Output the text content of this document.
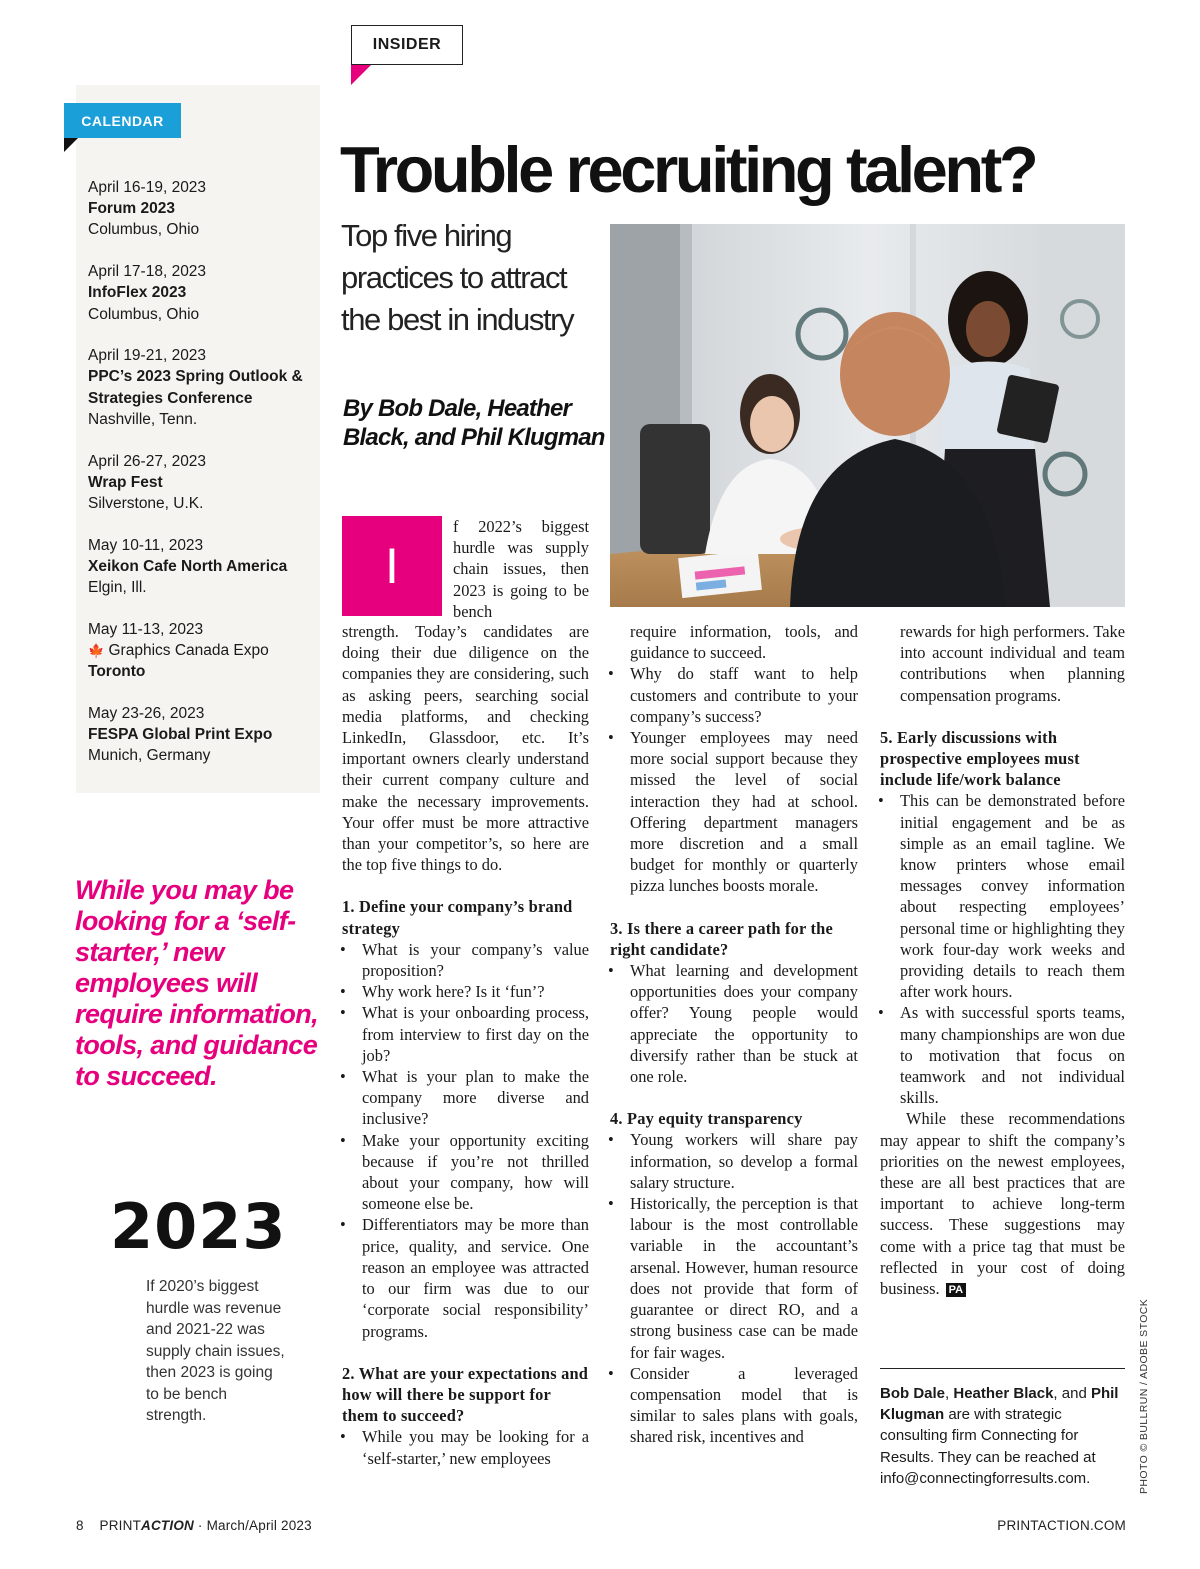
INSIDER
CALENDAR
April 16-19, 2023
Forum 2023
Columbus, Ohio
April 17-18, 2023
InfoFlex 2023
Columbus, Ohio
April 19-21, 2023
PPC’s 2023 Spring Outlook & Strategies Conference
Nashville, Tenn.
April 26-27, 2023
Wrap Fest
Silverstone, U.K.
May 10-11, 2023
Xeikon Cafe North America
Elgin, Ill.
May 11-13, 2023
🍁 Graphics Canada Expo
Toronto
May 23-26, 2023
FESPA Global Print Expo
Munich, Germany
While you may be looking for a ‘self-starter,’ new employees will require information, tools, and guidance to succeed.
2023
If 2020’s biggest hurdle was revenue and 2021-22 was supply chain issues, then 2023 is going to be bench strength.
Trouble recruiting talent?
Top five hiring practices to attract the best in industry
By Bob Dale, Heather Black, and Phil Klugman
I

f 2022’s biggest hurdle was supply chain issues, then 2023 is going to be bench

strength. Today’s candidates are doing their due diligence on the companies they are considering, such as asking peers, searching social media platforms, and checking LinkedIn, Glassdoor, etc. It’s important owners clearly understand their current company culture and make the necessary improvements. Your offer must be more attractive than your competitor’s, so here are the top five things to do.

1. Define your company’s brand strategy
• What is your company’s value proposition?
• Why work here? Is it ‘fun’?
• What is your onboarding process, from interview to first day on the job?
• What is your plan to make the company more diverse and inclusive?
• Make your opportunity exciting because if you’re not thrilled about your company, how will someone else be.
• Differentiators may be more than price, quality, and service. One reason an employee was attracted to our firm was due to our ‘corporate social responsibility’ programs.
2. What are your expectations and how will there be support for them to succeed?
• While you may be looking for a ‘self-starter,’ new employees

require information, tools, and guidance to succeed.

• Why do staff want to help customers and contribute to your company’s success?
• Younger employees may need more social support because they missed the level of social interaction they had at school. Offering department managers more discretion and a small budget for monthly or quarterly pizza lunches boosts morale.
3. Is there a career path for the right candidate?
• What learning and development opportunities does your company offer? Young people would appreciate the opportunity to diversify rather than be stuck at one role.
4. Pay equity transparency
• Young workers will share pay information, so develop a formal salary structure.
• Historically, the perception is that labour is the most controllable variable in the accountant’s arsenal. However, human resource does not provide that form of guarantee or direct RO, and a strong business case can be made for fair wages.
• Consider a leveraged compensation model that is similar to sales plans with goals, shared risk, incentives and

rewards for high performers. Take into account individual and team contributions when planning compensation programs.

5. Early discussions with prospective employees must include life/work balance
• This can be demonstrated before initial engagement and be as simple as an email tagline. We know printers whose email messages convey information about respecting employees’ personal time or highlighting they work four-day work weeks and providing details to reach them after work hours.
• As with successful sports teams, many championships are won due to motivation that focus on teamwork and not individual skills.

While these recommendations may appear to shift the company’s priorities on the newest employees, these are all best practices that are important to achieve long-term success. These suggestions may come with a price tag that must be reflected in your cost of doing business. PA

Bob Dale, Heather Black, and Phil Klugman are with strategic consulting firm Connecting for Results. They can be reached at info@connectingforresults.com.	PHOTO © BULLRUN / ADOBE STOCK
8 PRINTACTION · March/April 2023	PRINTACTION.COM
